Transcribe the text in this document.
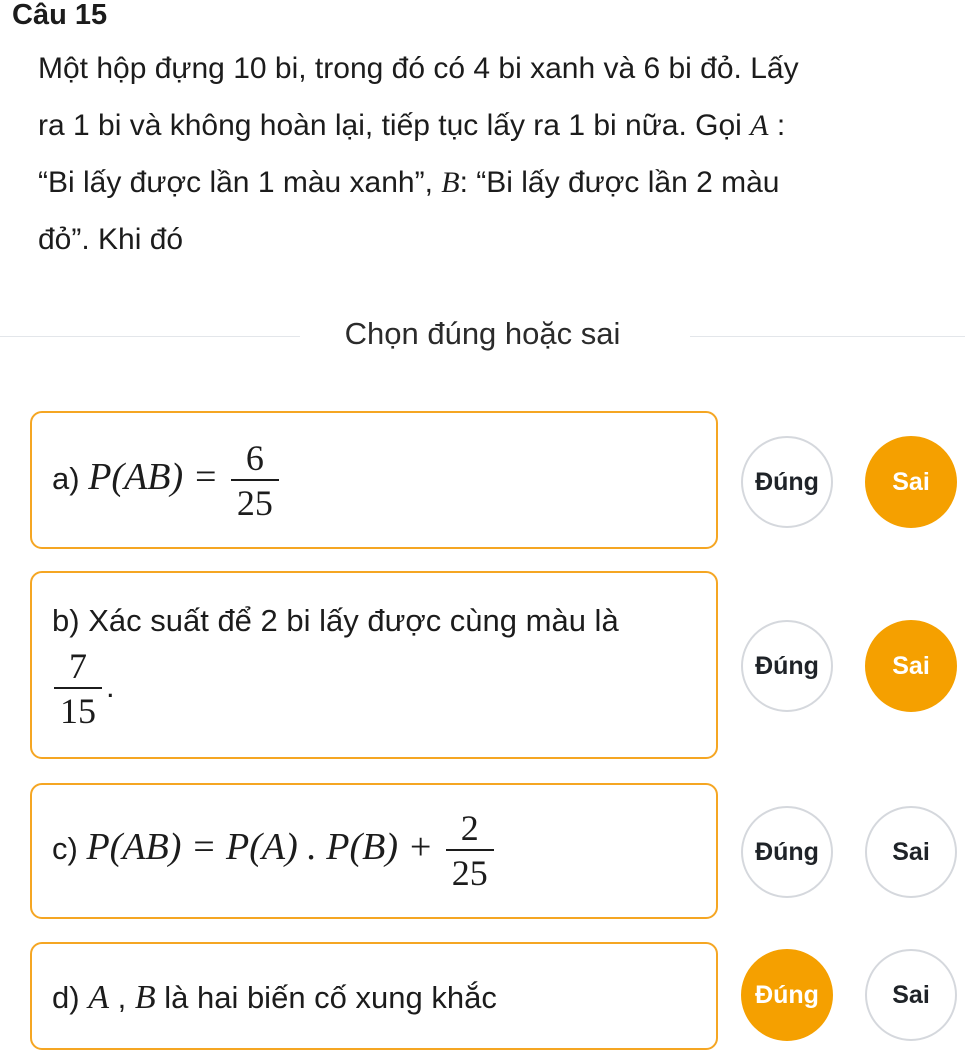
Câu 15
Một hộp đựng 10 bi, trong đó có 4 bi xanh và 6 bi đỏ. Lấy
ra 1 bi và không hoàn lại, tiếp tục lấy ra 1 bi nữa. Gọi A :
“Bi lấy được lần 1 màu xanh”, B: “Bi lấy được lần 2 màu
đỏ”. Khi đó
Chọn đúng hoặc sai
a) $P(AB) = \frac{6}{25}$	Đúng	Sai
b) Xác suất để 2 bi lấy được cùng màu là
$\frac{7}{15}$ .
Đúng	Sai
c) P(AB) = P(A) . $P(B) + \frac{2}{25}$	Đúng	Sai
d) A , B là hai biến cố xung khắc	Đúng	Sai
